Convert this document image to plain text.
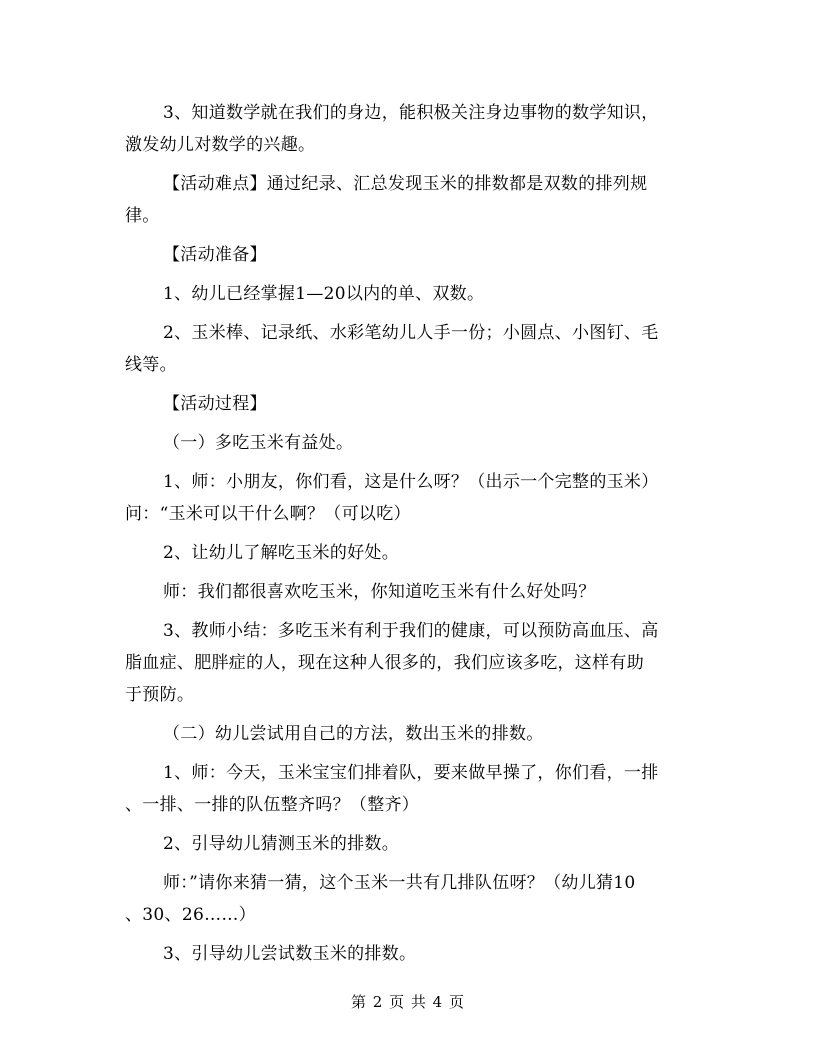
3、知道数学就在我们的身边，能积极关注身边事物的数学知识，
激发幼儿对数学的兴趣。

【活动难点】通过纪录、汇总发现玉米的排数都是双数的排列规
律。

【活动准备】

1、幼儿已经掌握1—20以内的单、双数。

2、玉米棒、记录纸、水彩笔幼儿人手一份；小圆点、小图钉、毛
线等。

【活动过程】

（一）多吃玉米有益处。

1、师：小朋友，你们看，这是什么呀？（出示一个完整的玉米）
问：“玉米可以干什么啊？（可以吃）

2、让幼儿了解吃玉米的好处。

师：我们都很喜欢吃玉米，你知道吃玉米有什么好处吗？

3、教师小结：多吃玉米有利于我们的健康，可以预防高血压、高
脂血症、肥胖症的人，现在这种人很多的，我们应该多吃，这样有助
于预防。

（二）幼儿尝试用自己的方法，数出玉米的排数。

1、师：今天，玉米宝宝们排着队，要来做早操了，你们看，一排
、一排、一排的队伍整齐吗？（整齐）

2、引导幼儿猜测玉米的排数。

师：”请你来猜一猜，这个玉米一共有几排队伍呀？（幼儿猜10
、30、26……）

3、引导幼儿尝试数玉米的排数。

第 2 页 共 4 页
